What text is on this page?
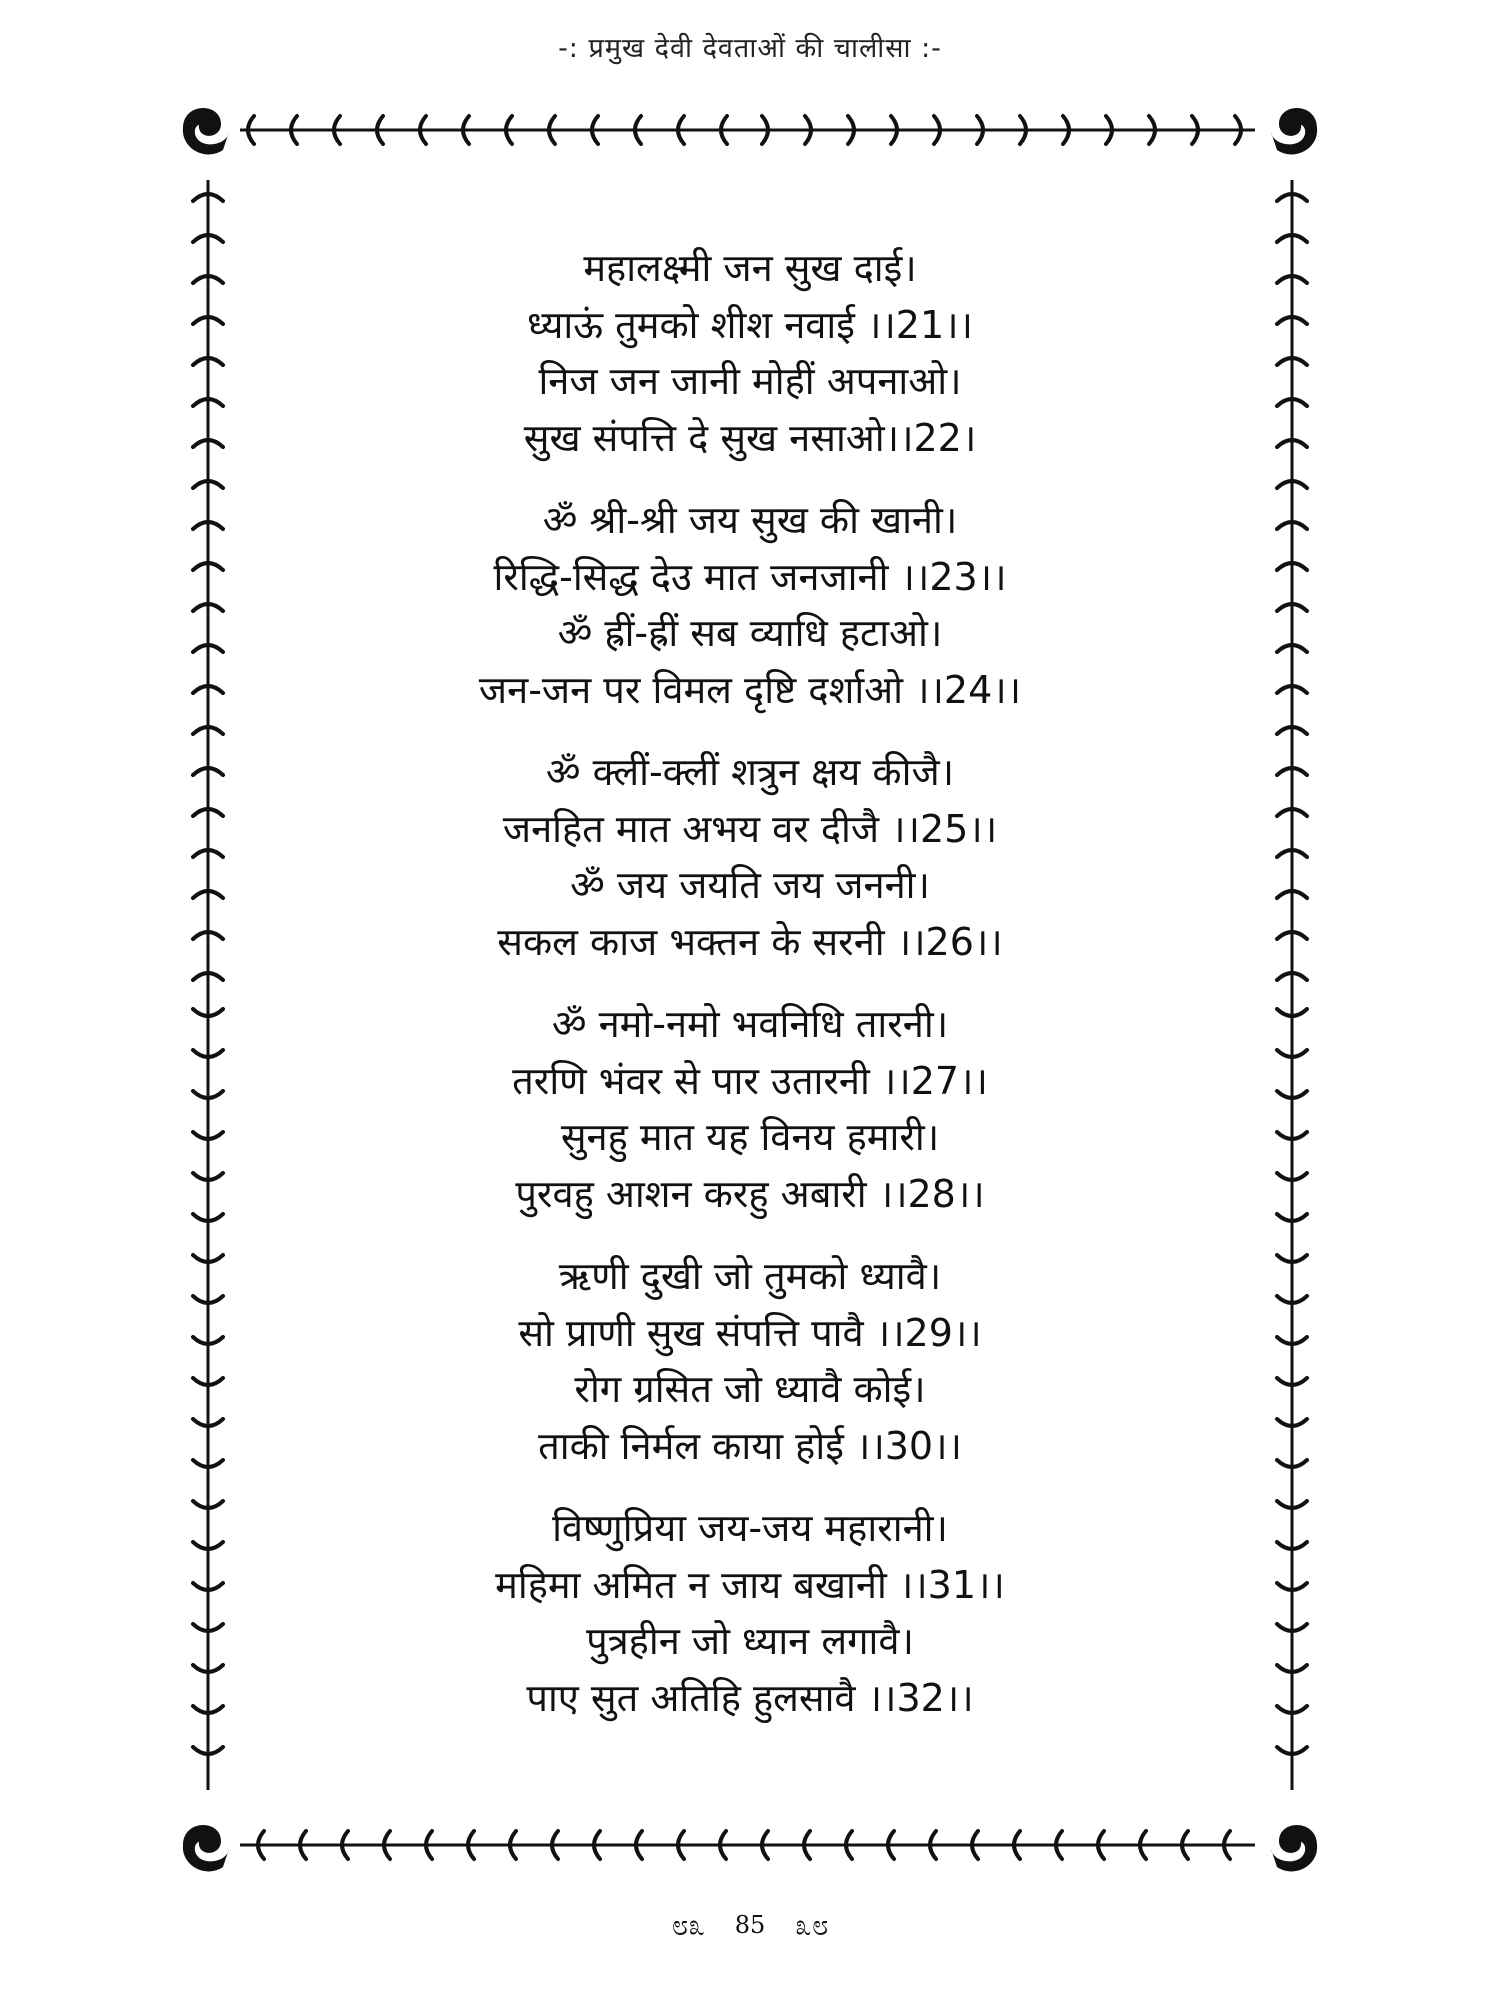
-: प्रमुख देवी देवताओं की चालीसा :-
महालक्ष्मी जन सुख दाई।
ध्याऊं तुमको शीश नवाई ।।21।।
निज जन जानी मोहीं अपनाओ।
सुख संपत्ति दे सुख नसाओ।।22।
ॐ श्री-श्री जय सुख की खानी।
रिद्धि-सिद्ध देउ मात जनजानी ।।23।।
ॐ ह्रीं-ह्रीं सब व्याधि हटाओ।
जन-जन पर विमल दृष्टि दर्शाओ ।।24।।
ॐ क्लीं-क्लीं शत्रुन क्षय कीजै।
जनहित मात अभय वर दीजै ।।25।।
ॐ जय जयति जय जननी।
सकल काज भक्तन के सरनी ।।26।।
ॐ नमो-नमो भवनिधि तारनी।
तरणि भंवर से पार उतारनी ।।27।।
सुनहु मात यह विनय हमारी।
पुरवहु आशन करहु अबारी ।।28।।
ऋणी दुखी जो तुमको ध्यावै।
सो प्राणी सुख संपत्ति पावै ।।29।।
रोग ग्रसित जो ध्यावै कोई।
ताकी निर्मल काया होई ।।30।।
विष्णुप्रिया जय-जय महारानी।
महिमा अमित न जाय बखानी ।।31।।
पुत्रहीन जो ध्यान लगावै।
पाए सुत अतिहि हुलसावै ।।32।।
೮೩ 85 ೩೮
